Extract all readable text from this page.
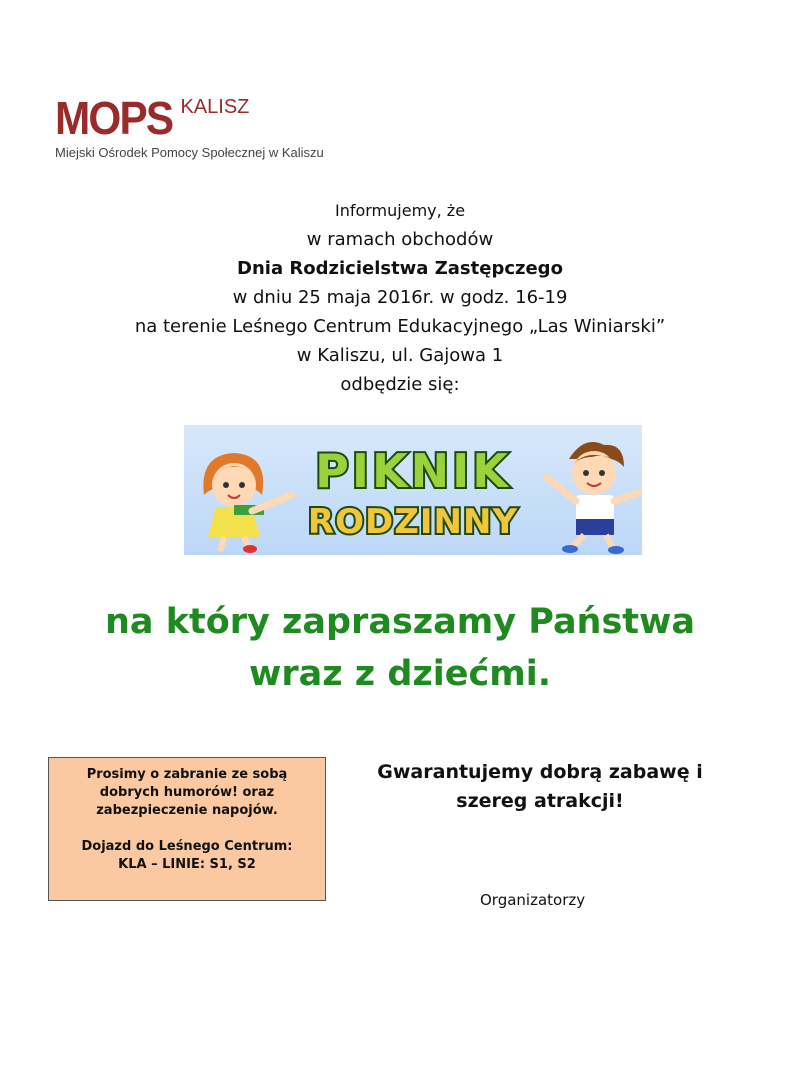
MOPS KALISZ
Miejski Ośrodek Pomocy Społecznej w Kaliszu
Informujemy, że
w ramach obchodów
Dnia Rodzicielstwa Zastępczego
w dniu 25 maja 2016r. w godz. 16-19
na terenie Leśnego Centrum Edukacyjnego „Las Winiarski”
w Kaliszu, ul. Gajowa 1
odbędzie się:
PIKNIK
RODZINNY
na który zapraszamy Państwa
wraz z dziećmi.
Prosimy o zabranie ze sobą
dobrych humorów! oraz
zabezpieczenie napojów.
Dojazd do Leśnego Centrum:
KLA – LINIE: S1, S2
Gwarantujemy dobrą zabawę i
szereg atrakcji!
Organizatorzy
